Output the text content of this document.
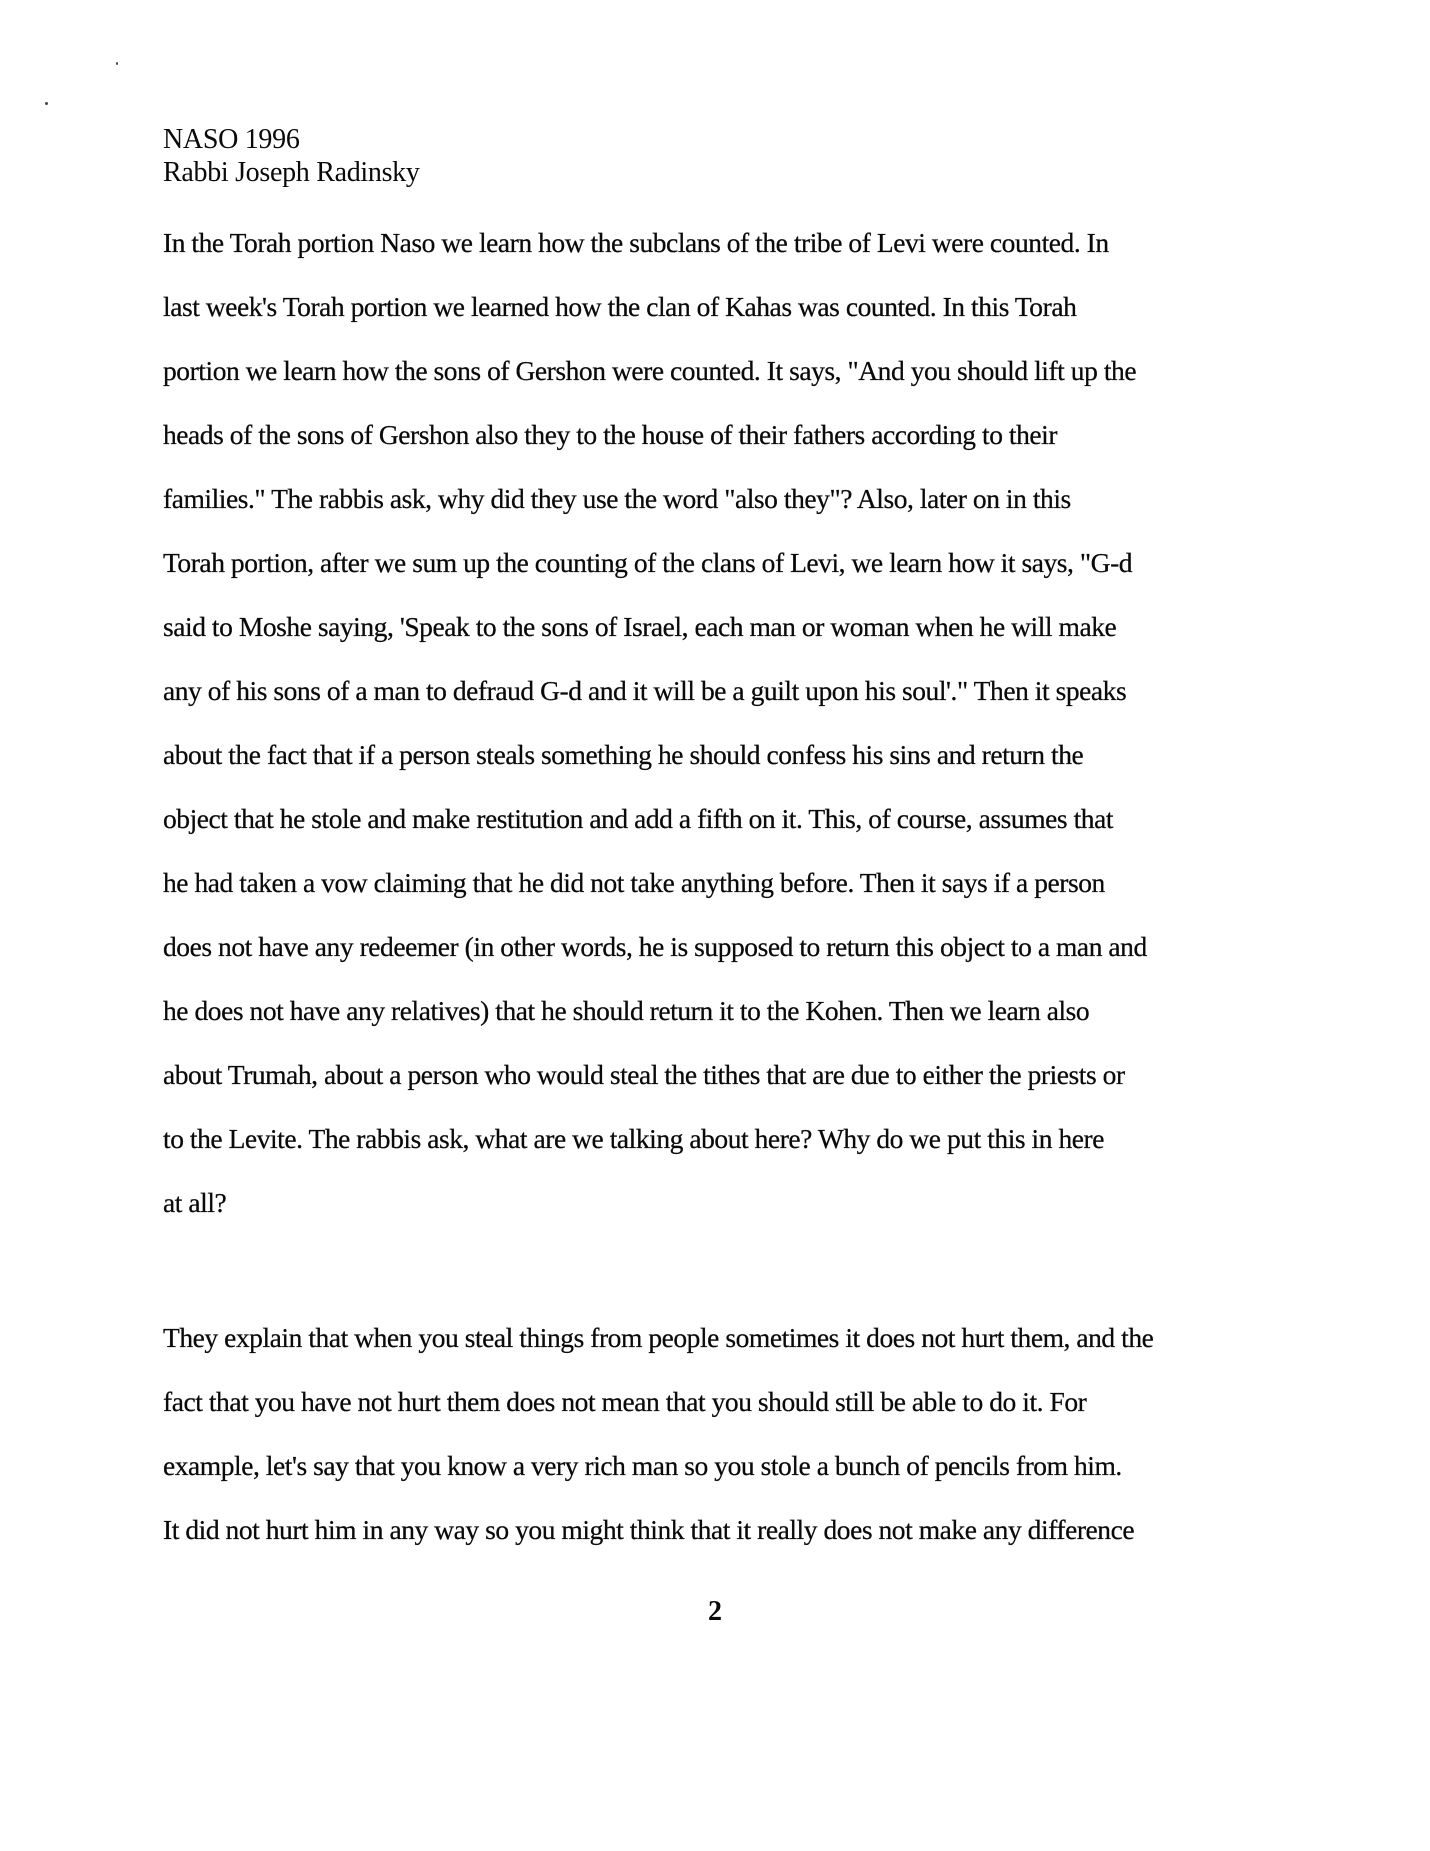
NASO 1996
Rabbi Joseph Radinsky
In the Torah portion Naso we learn how the subclans of the tribe of Levi were counted. In
last week's Torah portion we learned how the clan of Kahas was counted. In this Torah
portion we learn how the sons of Gershon were counted. It says, "And you should lift up the
heads of the sons of Gershon also they to the house of their fathers according to their
families." The rabbis ask, why did they use the word "also they"? Also, later on in this
Torah portion, after we sum up the counting of the clans of Levi, we learn how it says, "G-d
said to Moshe saying, 'Speak to the sons of Israel, each man or woman when he will make
any of his sons of a man to defraud G-d and it will be a guilt upon his soul'." Then it speaks
about the fact that if a person steals something he should confess his sins and return the
object that he stole and make restitution and add a fifth on it. This, of course, assumes that
he had taken a vow claiming that he did not take anything before. Then it says if a person
does not have any redeemer (in other words, he is supposed to return this object to a man and
he does not have any relatives) that he should return it to the Kohen. Then we learn also
about Trumah, about a person who would steal the tithes that are due to either the priests or
to the Levite. The rabbis ask, what are we talking about here? Why do we put this in here
at all?
They explain that when you steal things from people sometimes it does not hurt them, and the
fact that you have not hurt them does not mean that you should still be able to do it. For
example, let's say that you know a very rich man so you stole a bunch of pencils from him.
It did not hurt him in any way so you might think that it really does not make any difference
2
